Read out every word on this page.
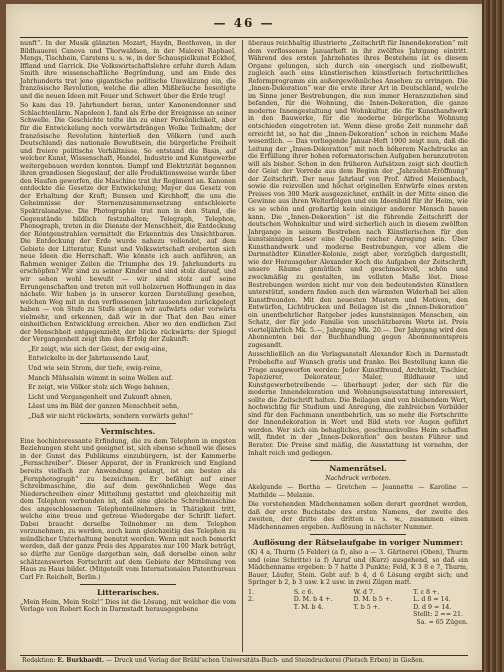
— 46 —

nunft“. In der Musik glänzten Mozart, Haydn, Beethoven, in der Bildhauerei Canova und Thorwaldsen, in der Malerei Raphael, Mengs, Tischbein, Carstens u. s. w., in der Schauspielkunst Eckhof, Iffland und Garrick. Die Volkswirtschaftslehre erfuhr durch Adam Smith ihre wissenschaftliche Begründung, und am Ende des Jahrhunderts trat jene gigantische politische Umwälzung ein, die französische Revolution, welche die allen Mißbräuche beseitigte und die neuen Ideen mit Feuer und Schwert über die Erde trug!

So kam das 19. Jahrhundert heran, unter Kanonendonner und Schlachtenlärm. Napoleon I. fand als Erbe der Ereignisse an seiner Schwelle. Die Geschichte teilte ihn zu einer Persönlichkeit, aber für die Entwickelung noch vorwärtsdrängen Wolke Teilnahm; der französische Revolution hinterließ den Völkern (und auch Deutschland) das nationale Bewußtsein, die bürgerliche Freiheit und freiere politische Verhältnisse. So entstand die Basis, auf welcher Kunst, Wissenschaft, Handel, Industrie und Kunstgewerbe weitergebauen werden konnten. Dampf und Elektrizität begannen ihren grandiosen Siegeslauf, der alle Produktionsweise wurde über den Haufen geworfen, die Maschine trat ihr Regiment an. Kanonen entdeckte die Gesetze der Entwickelung; Mayer das Gesetz von der Erhaltung der Kraft; Bunsen und Kirchhoff, die uns die Geheimnisse der Sternenzusammensetzung entschleierte Spektralanalyse. Die Photographie trat nun in den Stand, die Gegenstände bildlich festzuhalten; Telegraph, Telephon, Phonograph, treten in die Dienste der Menschheit, die Entdeckung der Röntgenstrahlen vermittelt die Erkenntnis des Unsichtbaren. Die Entdeckung der Erde wurde nahezu vollendet, auf dem Gebiete der Litteratur, Kunst und Volkswirtschaft eroberten sich neue Ideen die Herrschaft. Wie könnte ich auch anführen, an Rahmen weniger Zeilen die Triumphe des 19. Jahrhunderts zu erschöpfen? Wir sind zu seiner Kinder und sind stolz darauf, und wir sehen wohl bewußt — wir sind stolz auf seine Errungenschaften und treten mit voll holzernen Hoffnungen in das nächste. Wir haben ja in unserer kurzen Darstellung gesehen, welchen Weg mit in den verflossenen Jahrtausenden zurückgelegt haben — von Stufe zu Stufe stiegen wir aufwärts oder vorwärts vielmehr, und erkennen, daß wir in der That den Bau einer einheitlichen Entwicklung erreichen. Aber wo den endlichen Ziel der Menschheit entgegenzieht, der blicke rückwärts: der Spiegel der Vergangenheit zeigt ihm den Erfolg der Zukunft:

„Er zeigt, wie sich der Geist, der ewig-eine,

Entwickelte in der Jahrtausende Lauf,

Und wie sein Strom, der tiefe, ewig-reine,

Manch Mühsalsin wimmt in seine Wellen auf.

Er zeigt, wie Völker stolz sich Wege bahnen,

Licht und Vergangenheit und Zukunft ahnen,

Lässt uns im Bild der ganzen Menschheit sehn,

„Daß wir nicht rückwärts, sondern vorwärts gehn!“

Vermischtes.

Eine hochinteressante Erfindung, die zu dem Telephon in engsten Beziehungen steht und geeignet ist, sich ebenso schnell wie dieses in der Gunst des Publikums einzubürgern, ist der Kammerbe „Fernschreiber“. Dieser Apparat, der in Frankreich und England bereits vielfach zur Anwendung gelangt, ist am besten als „Fernphotograph“ zu bezeichnen. Er befähigt auf einer Schreibmaschine, die auf dem gewöhnlichen Wege das Niederschreiben einer Mitteilung gestattet und gleichzeitig mit dem Telephon verbunden ist, daß eine gleiche Schreibmaschine des angeschlossenen Telephonteilnehmers in Thätigkeit tritt, welche eine treue und getreue Wiedergabe der Schrift liefert. Dabei braucht derselbe Teilnehmer an dem Telephon vorzunehmen, zu werden, auch kann gleichzeitig das Telephon zu mündlicher Unterhaltung benutzt werden. Wenn mit noch bemerkt werden, daß der ganze Preis des Apparates nur 100 Mark beträgt, so dürfte zur Genüge dargethan sein, daß derselbe einen sehr schätzenswerten Fortschritt auf dem Gebiete der Mitteilung von Haus zu Haus bildet. (Mitgeteilt vom Internationalen Patentbureau Carl Fr. Reichelt, Berlin.)

Litterarisches.

„Mein Heim, Mein Stolz!“ Dies ist die Lösung, mit welcher die vom Verlage von Robert Koch in Darmstadt herausgegebene

überaus reichhaltig illustrierte „Zeitschrift für Innendekoration“ mit dem verflossenen Januarheft in ihr zwölftes Jahrgang eintritt. Während des ersten Jahrzehntes ihres Bestehens ist es diesem Organe gelungen, sich durch ein energisch und zielbewußt, zugleich auch eins künstlerischen künstlerisch fortschrittliches Reformprogramm ein außergewöhnliches Ansehen zu erringen. Die „Innen-Dekoration“ war die erste ihrer Art in Deutschland, welche im Sinne jener Bestrebungen, die nun immer Heranzuziehen sind befanden, für die Wohnung, die Innen-Dekoration, die ganze moderne Innengestaltung und Wohnkultur, die für Kunsthandwerk in den Bauwerke, für die moderne bürgerliche Wohnung entschieden eingetreten ist. Wenn diese große Zeit nunmehr daß erreicht ist, so hat die „Innen-Dekoration“ schon in reichem Maße wesentlich. — Das vorliegende Januar-Heft 1900 zeigt nun, daß die Leitung der „Innen-Dekoration“ mit noch höherem Nachdrucke an die Erfüllung ihrer hohen reformatorischen Aufgaben heranzutreten will als bisher. Schon in den früheren Aufsätzen zeigt sich deutlich der Geist der Vorrede aus dem Beginn der „Jahrzehnt-Eröffnung“ der Zeitschrift. Der neue Jahrlauf von Prof. Alfred Meisenbach, sowie die reizvollen und höchst originellen Entwürfe eines ersten Preises von 300 Mark ausgezeichnet, enthält in der Mitte einen die Gewinne aus ihren Welterfolgen und ein Ideenbild für ihr Heim, wie es so schön und großartig kein einziger anderer Mensch bauen kann. Die „Innen-Dekoration“ ist die führende Zeitschrift der deutschen Wohnkultur und wird sicherlich auch in diesem zwölften Jahrgange in seinem Bestreben nach Künstlerischen für den kunstsinnigen Leser eine Quelle reicher Anregung sein. Über Kunsthandwerk und moderne Bestrebungen, vor allem die Darmstädter Künstler-Kolonie, zeigt aber, vorzüglich dargestellt, wie der Herausgeber Alexander Koch die Aufgaben der Zeitschrift, unsere Räume gemütlich und geschmackvoll, schön und zweckmäßig zu gestalten, im vollsten Maße löst. Diese Bestrebungen werden nicht nur von den bedeutendsten Künstlern unterstützt, sondern finden auch den wärmsten Widerhall bei allen Kunstfreunden. Mit den neuesten Mustern und Motiven, den Entwürfen, Lichtdrucken und Beilagen ist die „Innen-Dekoration“ ein unentbehrlicher Ratgeber jedes kunstsinnigen Menschen, ein Schatz, der für jede Familie von unschätzbarem Werte ist. Preis vierteljährlich Mk. 5.—, Jahrgang Mk. 20.—. Der Jahrgang wird den Abonnenten bei der Buchhandlung gegen Abonnementspreis zugesandt.

Ausschließlich an die Verlagsanstalt Alexander Koch in Darmstadt Probehefte auf Wunsch gratis und franko. Bei Bestellung kann die Frage ausgeworfen werden: Jeder Kunstfreund, Architekt, Tischler, Tapezierer, Dekorateur, Maler, Bildhauer und Kunstgewerbetreibende — überhaupt jeder, der sich für die moderne Innendekoration und Wohnungsausstattung interessiert, sollte die Zeitschrift halten. Die Beilagen sind von bleibendem Wert, hochwichtig für Studium und Anregung, die zahlreichen Vorbilder sind für den Fachmann unentbehrlich, um so mehr die Fortschritte der Innendekoration in Wort und Bild stets vor Augen geführt werden. Wer sich ein behagliches, geschmackvolles Heim schaffen will, findet in der „Innen-Dekoration“ den besten Führer und Berater. Die Preise sind mäßig, die Ausstattung ist vornehm, der Inhalt reich und gediegen.

Namenrätsel.

Nachdruck verboten.

Akelgunde — Bertha — Gretchen — Jeannette — Karoline — Mathilde — Melanie.

Die vorstehenden Mädchennamen sollen derart geordnet werden, daß der erste Buchstabe des ersten Namens, der zweite des zweiten, der dritte des dritten u. s. w., zusammen einen Mädchennamen ergeben. Auflösung in nächster Nummer.

Auflösung der Rätselaufgabe in voriger Nummer:

(K) 4 a, Thurm (5 Felder) (a f), also a — 3. Gärtnerei (Oben), Thurm und (eine Schritte) (a f) Anruf und (Kurz) ausgehend, so daß ein Mädchenname ergeben: b 7 hatte 3 Punkte; Feld, K 3 8 e 7, Thurm, Bauer, Läufer, Stein. Gebt auf: b 4, d 6 Lösung ergibt sich; und Springer b 2, b 3 usw. k 2 usw. in zwei Zügen matt.

1.	S. c 6.	W. d 7.	T. c 8 +.
2.	D. M. b 4 +.	D. M. b 5 +.	L. d 8 = 14.
	T. M. b 4.	T. b 5 +.	D. d 9 = 14.
			Stellt: 2 == 21.
Sa. = 65 Zügen.
Redaktion: E. Burkhardt. — Druck und Verlag der Brühl’schen Universitäts-Buch- und Steindruckerei (Pietsch Erben) in Gießen.
